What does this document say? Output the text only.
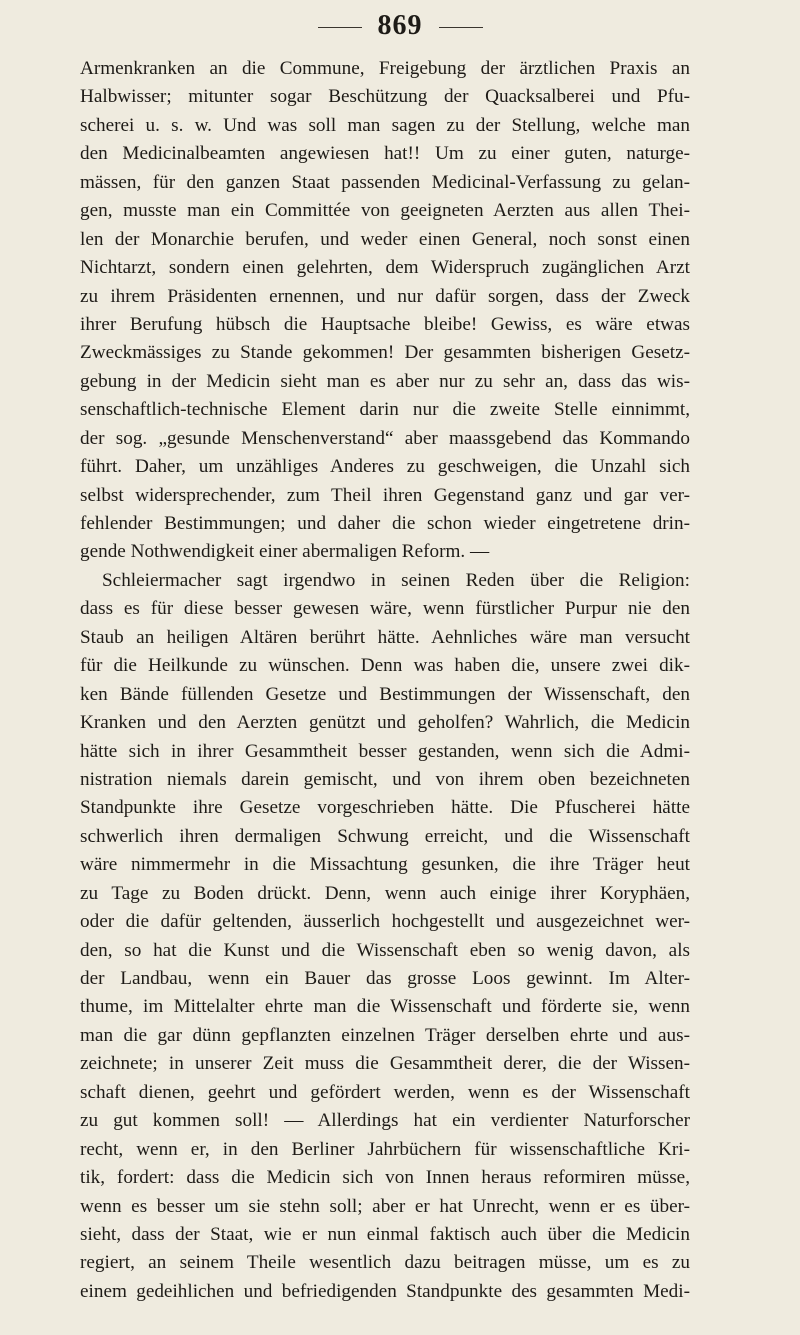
869
Armenkranken an die Commune, Freigebung der ärztlichen Praxis an
Halbwisser; mitunter sogar Beschützung der Quacksalberei und Pfu-
scherei u. s. w. Und was soll man sagen zu der Stellung, welche man
den Medicinalbeamten angewiesen hat!! Um zu einer guten, naturge-
mässen, für den ganzen Staat passenden Medicinal-Verfassung zu gelan-
gen, musste man ein Committée von geeigneten Aerzten aus allen Thei-
len der Monarchie berufen, und weder einen General, noch sonst einen
Nichtarzt, sondern einen gelehrten, dem Widerspruch zugänglichen Arzt
zu ihrem Präsidenten ernennen, und nur dafür sorgen, dass der Zweck
ihrer Berufung hübsch die Hauptsache bleibe! Gewiss, es wäre etwas
Zweckmässiges zu Stande gekommen! Der gesammten bisherigen Gesetz-
gebung in der Medicin sieht man es aber nur zu sehr an, dass das wis-
senschaftlich-technische Element darin nur die zweite Stelle einnimmt,
der sog. „gesunde Menschenverstand“ aber maassgebend das Kommando
führt. Daher, um unzähliges Anderes zu geschweigen, die Unzahl sich
selbst widersprechender, zum Theil ihren Gegenstand ganz und gar ver-
fehlender Bestimmungen; und daher die schon wieder eingetretene drin-
gende Nothwendigkeit einer abermaligen Reform. —
Schleiermacher sagt irgendwo in seinen Reden über die Religion:
dass es für diese besser gewesen wäre, wenn fürstlicher Purpur nie den
Staub an heiligen Altären berührt hätte. Aehnliches wäre man versucht
für die Heilkunde zu wünschen. Denn was haben die, unsere zwei dik-
ken Bände füllenden Gesetze und Bestimmungen der Wissenschaft, den
Kranken und den Aerzten genützt und geholfen? Wahrlich, die Medicin
hätte sich in ihrer Gesammtheit besser gestanden, wenn sich die Admi-
nistration niemals darein gemischt, und von ihrem oben bezeichneten
Standpunkte ihre Gesetze vorgeschrieben hätte. Die Pfuscherei hätte
schwerlich ihren dermaligen Schwung erreicht, und die Wissenschaft
wäre nimmermehr in die Missachtung gesunken, die ihre Träger heut
zu Tage zu Boden drückt. Denn, wenn auch einige ihrer Koryphäen,
oder die dafür geltenden, äusserlich hochgestellt und ausgezeichnet wer-
den, so hat die Kunst und die Wissenschaft eben so wenig davon, als
der Landbau, wenn ein Bauer das grosse Loos gewinnt. Im Alter-
thume, im Mittelalter ehrte man die Wissenschaft und förderte sie, wenn
man die gar dünn gepflanzten einzelnen Träger derselben ehrte und aus-
zeichnete; in unserer Zeit muss die Gesammtheit derer, die der Wissen-
schaft dienen, geehrt und gefördert werden, wenn es der Wissenschaft
zu gut kommen soll! — Allerdings hat ein verdienter Naturforscher
recht, wenn er, in den Berliner Jahrbüchern für wissenschaftliche Kri-
tik, fordert: dass die Medicin sich von Innen heraus reformiren müsse,
wenn es besser um sie stehn soll; aber er hat Unrecht, wenn er es über-
sieht, dass der Staat, wie er nun einmal faktisch auch über die Medicin
regiert, an seinem Theile wesentlich dazu beitragen müsse, um es zu
einem gedeihlichen und befriedigenden Standpunkte des gesammten Medi-
